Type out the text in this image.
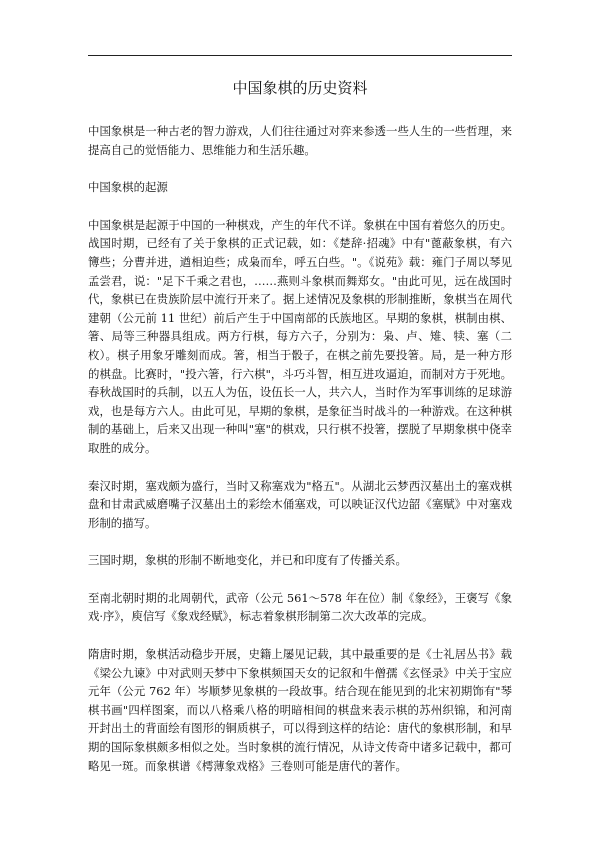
中国象棋的历史资料

中国象棋是一种古老的智力游戏，人们往往通过对弈来参透一些人生的一些哲理，来提高自己的觉悟能力、思维能力和生活乐趣。

中国象棋的起源

中国象棋是起源于中国的一种棋戏，产生的年代不详。象棋在中国有着悠久的历史。战国时期，已经有了关于象棋的正式记载，如：《楚辞·招魂》中有"蓖蔽象棋，有六簙些；分曹并进，遒相迫些；成枭而牟，呼五白些。"。《说苑》载：雍门子周以琴见孟尝君，说："足下千乘之君也，……燕则斗象棋而舞郑女。"由此可见，远在战国时代，象棋已在贵族阶层中流行开来了。据上述情况及象棋的形制推断，象棋当在周代建朝（公元前 11 世纪）前后产生于中国南部的氏族地区。早期的象棋，棋制由棋、箸、局等三种器具组成。两方行棋，每方六子，分别为：枭、卢、雉、犊、塞（二枚）。棋子用象牙雕刻而成。箸，相当于骰子，在棋之前先要投箸。局，是一种方形的棋盘。比赛时，"投六箸，行六棋"，斗巧斗智，相互进攻逼迫，而制对方于死地。春秋战国时的兵制，以五人为伍，设伍长一人，共六人，当时作为军事训练的足球游戏，也是每方六人。由此可见，早期的象棋，是象征当时战斗的一种游戏。在这种棋制的基础上，后来又出现一种叫"塞"的棋戏，只行棋不投箸，摆脱了早期象棋中侥幸取胜的成分。

秦汉时期，塞戏颇为盛行，当时又称塞戏为"格五"。从湖北云梦西汉墓出土的塞戏棋盘和甘肃武威磨嘴子汉墓出土的彩绘木俑塞戏，可以映证汉代边韶《塞赋》中对塞戏形制的描写。

三国时期，象棋的形制不断地变化，并已和印度有了传播关系。

至南北朝时期的北周朝代，武帝（公元 561～578 年在位）制《象经》，王褒写《象戏·序》，庾信写《象戏经赋》，标志着象棋形制第二次大改革的完成。

隋唐时期，象棋活动稳步开展，史籍上屡见记载，其中最重要的是《士礼居丛书》载《梁公九谏》中对武则天梦中下象棋频国天女的记叙和牛僧孺《玄怪录》中关于宝应元年（公元 762 年）岑顺梦见象棋的一段故事。结合现在能见到的北宋初期饰有"琴棋书画"四样图案，而以八格乘八格的明暗相间的棋盘来表示棋的苏州织锦，和河南开封出土的背面绘有图形的铜质棋子，可以得到这样的结论：唐代的象棋形制，和早期的国际象棋颇多相似之处。当时象棋的流行情况，从诗文传奇中诸多记载中，都可略见一斑。而象棋谱《樗薄象戏格》三卷则可能是唐代的著作。
